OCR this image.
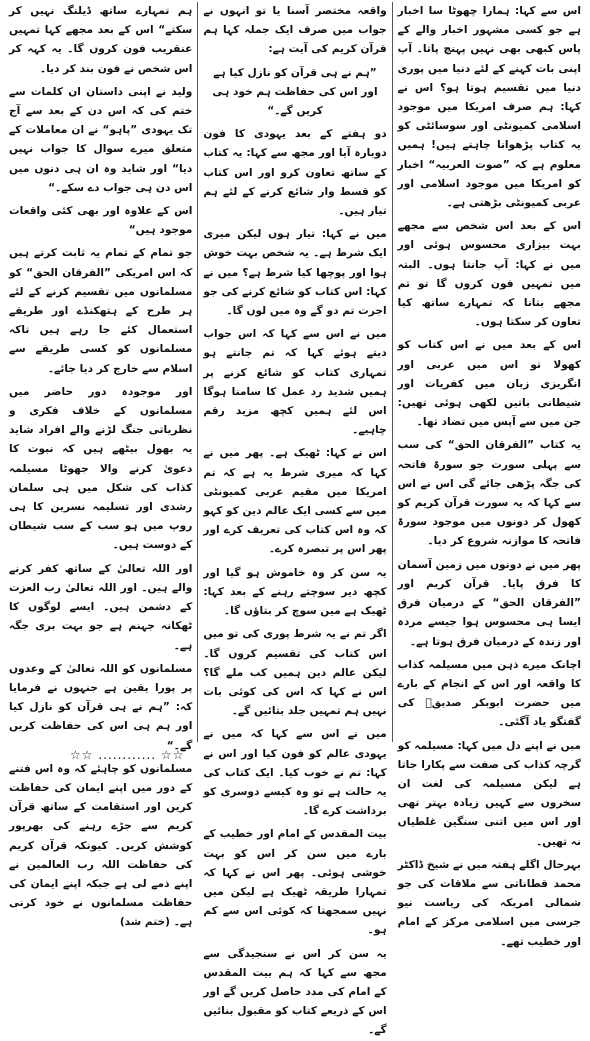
اس سے کہا: ہمارا چھوٹا سا اخبار ہے جو کسی مشہور اخبار والے کے پاس کبھی بھی نہیں پہنچ پاتا۔ آپ اپنی بات کہنے کے لئے دنیا میں پوری دنیا میں تقسیم ہوتا ہو؟ اس نے کہا: ہم صرف امریکا میں موجود اسلامی کمیونٹی اور سوسائٹی کو یہ کتاب پڑھوانا چاہتے ہیں! ہمیں معلوم ہے کہ ”صوت العربیہ“ اخبار کو امریکا میں موجود اسلامی اور عربی کمیونٹی بڑھتی ہے۔

اس کے بعد اس شخص سے مجھے بہت بیزاری محسوس ہوئی اور میں نے کہا: آپ جانتا ہوں۔ البتہ میں تمہیں فون کروں گا تو تم مجھے بتانا کہ تمہارے ساتھ کیا تعاون کر سکتا ہوں۔

اس کے بعد میں نے اس کتاب کو کھولا تو اس میں عربی اور انگریزی زبان میں کفریات اور شیطانی باتیں لکھی ہوئی تھیں: جن میں سے آپس میں تضاد تھا۔

یہ کتاب ”الفرقان الحق“ کی سب سے پہلی سورت جو سورۃ فاتحہ کی جگہ پڑھی جائے گی اس نے اس سے کہا کہ یہ سورت قرآن کریم کو کھول کر دونوں میں موجود سورۃ فاتحہ کا موازنہ شروع کر دیا۔

پھر میں نے دونوں میں زمین آسمان کا فرق پایا۔ قرآن کریم اور ”الفرقان الحق“ کے درمیان فرق ایسا ہی محسوس ہوا جیسے مردہ اور زندہ کے درمیان فرق ہوتا ہے۔

اچانک میرے ذہن میں مسیلمہ کذاب کا واقعہ اور اس کے انجام کے بارے میں حضرت ابوبکر صدیقؓ کی گفتگو یاد آگئی۔

میں نے اپنے دل میں کہا: مسیلمہ کو گرچہ کذاب کی صفت سے پکارا جاتا ہے لیکن مسیلمہ کی لغت ان سخروں سے کہیں زیادہ بہتر تھی اور اس میں اتنی سنگین غلطیاں نہ تھیں۔

بہرحال اگلے ہفتہ میں نے شیخ ڈاکٹر محمد قطاناتی سے ملاقات کی جو شمالی امریکہ کی ریاست نیو جرسی میں اسلامی مرکز کے امام اور خطیب تھے۔

واقعہ مختصر آسنا یا تو انہوں نے جواب میں صرف ایک جملہ کہا ہم قرآن کریم کی آیت ہے:

”ہم نے ہی قرآن کو نازل کیا ہے اور اس کی حفاظت ہم خود ہی کریں گے۔“

دو ہفتے کے بعد یہودی کا فون دوبارہ آیا اور مجھ سے کہا: یہ کتاب کے ساتھ تعاون کرو اور اس کتاب کو قسط وار شائع کرنے کے لئے ہم تیار ہیں۔

میں نے کہا: تیار ہوں لیکن میری ایک شرط ہے۔ یہ شخص بہت خوش ہوا اور پوچھا کیا شرط ہے؟ میں نے کہا: اس کتاب کو شائع کرنے کی جو اجرت تم دو گے وہ میں لوں گا۔

میں نے اس سے کہا کہ اس جواب دیتے ہوئے کہا کہ تم جانتے ہو تمہاری کتاب کو شائع کرنے پر ہمیں شدید رد عمل کا سامنا ہوگا اس لئے ہمیں کچھ مزید رقم چاہیے۔

اس نے کہا: ٹھیک ہے۔ پھر میں نے کہا کہ میری شرط یہ ہے کہ تم امریکا میں مقیم عربی کمیونٹی میں سے کسی ایک عالم دین کو کہو کہ وہ اس کتاب کی تعریف کرے اور پھر اس پر تبصرہ کرے۔

یہ سن کر وہ خاموش ہو گیا اور کچھ دیر سوچتے رہنے کے بعد کہا: ٹھیک ہے میں سوچ کر بتاؤں گا۔

اگر تم نے یہ شرط پوری کی تو میں اس کتاب کی تقسیم کروں گا۔ لیکن عالم دین ہمیں کب ملے گا؟ اس نے کہا کہ اس کی کوئی بات نہیں ہم تمہیں جلد بتائیں گے۔

میں نے اس سے کہا کہ میں نے یہودی عالم کو فون کیا اور اس نے کہا: تم نے خوب کیا۔ ایک کتاب کی یہ حالت ہے تو وہ کیسے دوسری کو برداشت کرے گا۔

بیت المقدس کے امام اور خطیب کے بارے میں سن کر اس کو بہت خوشی ہوئی۔ پھر اس نے کہا کہ تمہارا طریقہ ٹھیک ہے لیکن میں نہیں سمجھتا کہ کوئی اس سے کم ہو۔

یہ سن کر اس نے سنجیدگی سے مجھ سے کہا کہ ہم بیت المقدس کے امام کی مدد حاصل کریں گے اور اس کے ذریعے کتاب کو مقبول بنائیں گے۔

ہم تمہارے ساتھ ڈیلنگ نہیں کر سکتے“ اس کے بعد مجھے کہا تمہیں عنقریب فون کروں گا۔ یہ کہہ کر اس شخص نے فون بند کر دیا۔

ولید نے اپنی داستان ان کلمات سے ختم کی کہ اس دن کے بعد سے آج تک یہودی ”پاہو“ نے ان معاملات کے متعلق میرے سوال کا جواب نہیں دیا“ اور شاید وہ ان ہی دنوں میں اس دن ہی جواب دے سکے۔“

اس کے علاوہ اور بھی کئی واقعات موجود ہیں“

جو تمام کے تمام یہ ثابت کرتے ہیں کہ اس امریکی ”الفرقان الحق“ کو مسلمانوں میں تقسیم کرنے کے لئے ہر طرح کے ہتھکنڈے اور طریقے استعمال کئے جا رہے ہیں تاکہ مسلمانوں کو کسی طریقے سے اسلام سے خارج کر دیا جائے۔

اور موجودہ دور حاضر میں مسلمانوں کے خلاف فکری و نظریاتی جنگ لڑنے والے افراد شاید یہ بھول بیٹھے ہیں کہ نبوت کا دعویٰ کرنے والا جھوٹا مسیلمہ کذاب کی شکل میں ہی سلمان رشدی اور تسلیمہ نسرین کا ہی روپ میں ہو سب کے سب شیطان کے دوست ہیں۔

اور اللہ تعالیٰ کے ساتھ کفر کرنے والے ہیں۔ اور اللہ تعالیٰ رب العزت کے دشمن ہیں۔ ایسے لوگوں کا ٹھکانہ جہنم ہے جو بہت بری جگہ ہے۔

مسلمانوں کو اللہ تعالیٰ کے وعدوں پر پورا یقین ہے جنہوں نے فرمایا کہ: ”ہم نے ہی قرآن کو نازل کیا اور ہم ہی اس کی حفاظت کریں گے۔“

مسلمانوں کو چاہئے کہ وہ اس فتنے کے دور میں اپنے ایمان کی حفاظت کریں اور استقامت کے ساتھ قرآن کریم سے جڑے رہنے کی بھرپور کوشش کریں۔ کیونکہ قرآن کریم کی حفاظت اللہ رب العالمین نے اپنے ذمے لی ہے جبکہ اپنے ایمان کی حفاظت مسلمانوں نے خود کرنی ہے۔ (ختم شد)

☆☆ ............ ☆☆
